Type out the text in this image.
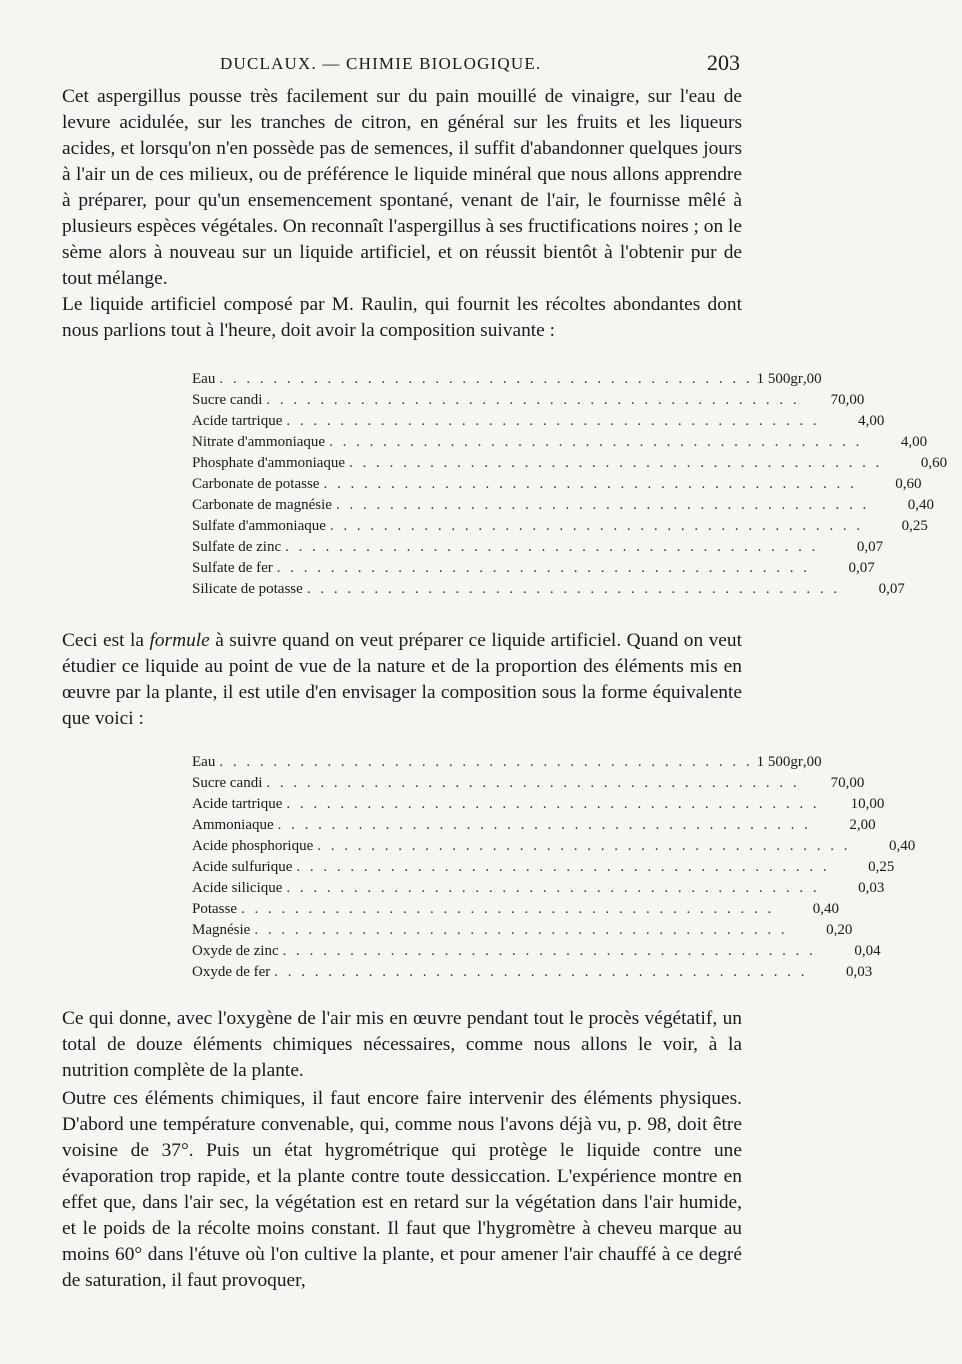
DUCLAUX. — CHIMIE BIOLOGIQUE.	203

Cet aspergillus pousse très facilement sur du pain mouillé de vinaigre, sur l'eau de levure acidulée, sur les tranches de citron, en général sur les fruits et les liqueurs acides, et lorsqu'on n'en possède pas de semences, il suffit d'abandonner quelques jours à l'air un de ces milieux, ou de préférence le liquide minéral que nous allons apprendre à préparer, pour qu'un ensemencement spontané, venant de l'air, le fournisse mêlé à plusieurs espèces végétales. On reconnaît l'aspergillus à ses fructifications noires ; on le sème alors à nouveau sur un liquide artificiel, et on réussit bientôt à l'obtenir pur de tout mélange.

Le liquide artificiel composé par M. Raulin, qui fournit les récoltes abondantes dont nous parlions tout à l'heure, doit avoir la composition suivante :

Eau . . . . . . . . . . . . . . . . . . . . . . . . . . . . . . . . . . . . . . . . 1 500gr,00
Sucre candi . . . . . . . . . . . . . . . . . . . . . . . . . . . . . . . . . . . . . . . .	70,00
Acide tartrique . . . . . . . . . . . . . . . . . . . . . . . . . . . . . . . . . . . . . . . .	4,00
Nitrate d'ammoniaque . . . . . . . . . . . . . . . . . . . . . . . . . . . . . . . . . . . . . . . .	4,00
Phosphate d'ammoniaque . . . . . . . . . . . . . . . . . . . . . . . . . . . . . . . . . . . . . . . .	0,60
Carbonate de potasse . . . . . . . . . . . . . . . . . . . . . . . . . . . . . . . . . . . . . . . .	0,60
Carbonate de magnésie . . . . . . . . . . . . . . . . . . . . . . . . . . . . . . . . . . . . . . . .	0,40
Sulfate d'ammoniaque . . . . . . . . . . . . . . . . . . . . . . . . . . . . . . . . . . . . . . . .	0,25
Sulfate de zinc . . . . . . . . . . . . . . . . . . . . . . . . . . . . . . . . . . . . . . . .	0,07
Sulfate de fer . . . . . . . . . . . . . . . . . . . . . . . . . . . . . . . . . . . . . . . .	0,07
Silicate de potasse . . . . . . . . . . . . . . . . . . . . . . . . . . . . . . . . . . . . . . . .	0,07

Ceci est la formule à suivre quand on veut préparer ce liquide artificiel. Quand on veut étudier ce liquide au point de vue de la nature et de la proportion des éléments mis en œuvre par la plante, il est utile d'en envisager la composition sous la forme équivalente que voici :

Eau . . . . . . . . . . . . . . . . . . . . . . . . . . . . . . . . . . . . . . . . 1 500gr,00
Sucre candi . . . . . . . . . . . . . . . . . . . . . . . . . . . . . . . . . . . . . . . .	70,00
Acide tartrique . . . . . . . . . . . . . . . . . . . . . . . . . . . . . . . . . . . . . . . .	10,00
Ammoniaque . . . . . . . . . . . . . . . . . . . . . . . . . . . . . . . . . . . . . . . .	2,00
Acide phosphorique . . . . . . . . . . . . . . . . . . . . . . . . . . . . . . . . . . . . . . . .	0,40
Acide sulfurique . . . . . . . . . . . . . . . . . . . . . . . . . . . . . . . . . . . . . . . .	0,25
Acide silicique . . . . . . . . . . . . . . . . . . . . . . . . . . . . . . . . . . . . . . . .	0,03
Potasse . . . . . . . . . . . . . . . . . . . . . . . . . . . . . . . . . . . . . . . .	0,40
Magnésie . . . . . . . . . . . . . . . . . . . . . . . . . . . . . . . . . . . . . . . .	0,20
Oxyde de zinc . . . . . . . . . . . . . . . . . . . . . . . . . . . . . . . . . . . . . . . .	0,04
Oxyde de fer . . . . . . . . . . . . . . . . . . . . . . . . . . . . . . . . . . . . . . . .	0,03

Ce qui donne, avec l'oxygène de l'air mis en œuvre pendant tout le procès végétatif, un total de douze éléments chimiques nécessaires, comme nous allons le voir, à la nutrition complète de la plante.

Outre ces éléments chimiques, il faut encore faire intervenir des éléments physiques. D'abord une température convenable, qui, comme nous l'avons déjà vu, p. 98, doit être voisine de 37°. Puis un état hygrométrique qui protège le liquide contre une évaporation trop rapide, et la plante contre toute dessiccation. L'expérience montre en effet que, dans l'air sec, la végétation est en retard sur la végétation dans l'air humide, et le poids de la récolte moins constant. Il faut que l'hygromètre à cheveu marque au moins 60° dans l'étuve où l'on cultive la plante, et pour amener l'air chauffé à ce degré de saturation, il faut provoquer,
